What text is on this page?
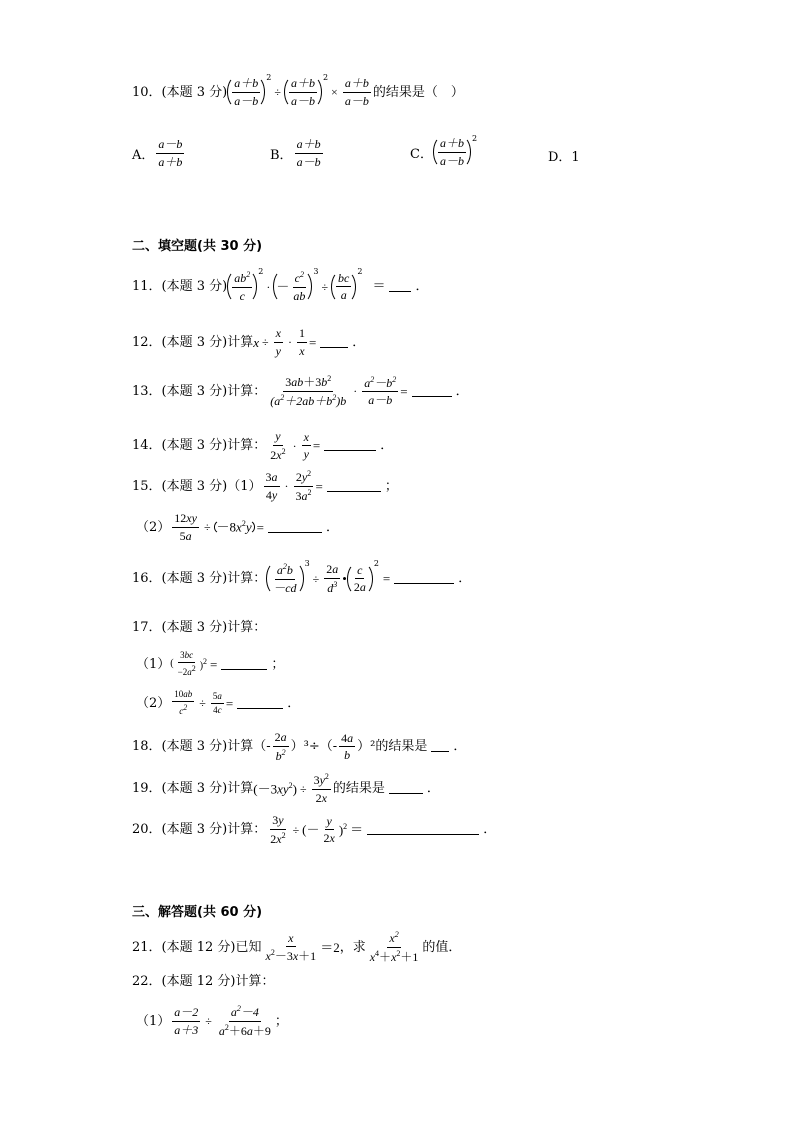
10．(本题 3 分) $\frac{a+b}{a-b} 2$
÷ $\frac{a+b}{a-b} 2$
× $\frac{a+b}{a-b}$ 的结果是（　）
A． $\frac{a-b}{a+b}$	B． $\frac{a+b}{a-b}$	C． $\frac{a+b}{a-b} 2$
D．1
二、填空题(共 30 分)
11．(本题 3 分) $\frac{ab^2}{c} 2$
· － $\frac{c^2}{ab} 3$
÷ $\frac{bc}{a} 2$
＝ ．
12．(本题 3 分)计算 $x \div \frac{x}{y} \cdot \frac{1}{x}$ =	．
13．(本题 3 分)计算： $\frac{3ab+3b^2}{(a^2+2ab+b^2)b} \cdot \frac{a^2-b^2}{a-b}$ =	．
14．(本题 3 分)计算： $\frac{y}{2x^2} \cdot \frac{x}{y}$ =	．
15．(本题 3 分)$(1) \frac{3a}{4y} \cdot \frac{2y^2}{3a^2}$ =	；
$(2) \frac{12xy}{5a} \div -8x^2y$ =	．
16．(本题 3 分)计算： $\frac{a^2b}{-cd} 3$
÷ $\frac{2a}{d^3}$ • $\frac{c}{2a} 2$
=	．
17．(本题 3 分)计算：
（1） ( $\frac{3bc}{-2a^2} )^2$ =	；
$(2) \frac{10ab}{c^2} \div \frac{5a}{4c}$ =	．
18．(本题 3 分)计算（- $\frac{2a}{b^2} )^3\div(- \frac{4a}{b} )^2$的结果是 ．
19．(本题 3 分)计算 $(-3xy^2) \div \frac{3y^2}{2x}$ 的结果是	．
20．(本题 3 分)计算： $\frac{3y}{2x^2}$ ÷ (－ $\frac{y}{2x} )^2$ ＝	．
三、解答题(共 60 分)
21．(本题 12 分)已知 $\frac{x}{x^2-3x+1} =2$ ，求 $\frac{x^2}{x^4+x^2+1}$ 的值．
22．(本题 12 分)计算：
$(1) \frac{a-2}{a+3} \div \frac{a^2-4}{a^2+6a+9}$ ；
